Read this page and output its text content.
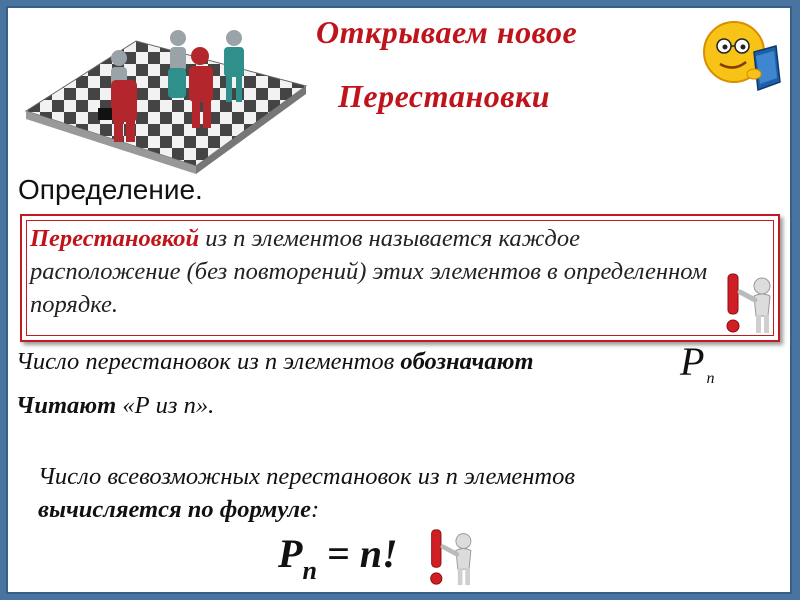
Открываем новое
Перестановки
Определение.
Перестановкой из n элементов называется каждое расположение (без повторений) этих элементов в определенном порядке.
Число перестановок из n элементов обозначают	P $_n$
Читают «Р из n».
Число всевозможных перестановок из n элементов
вычисляется по формуле:
$P_n = n$!
